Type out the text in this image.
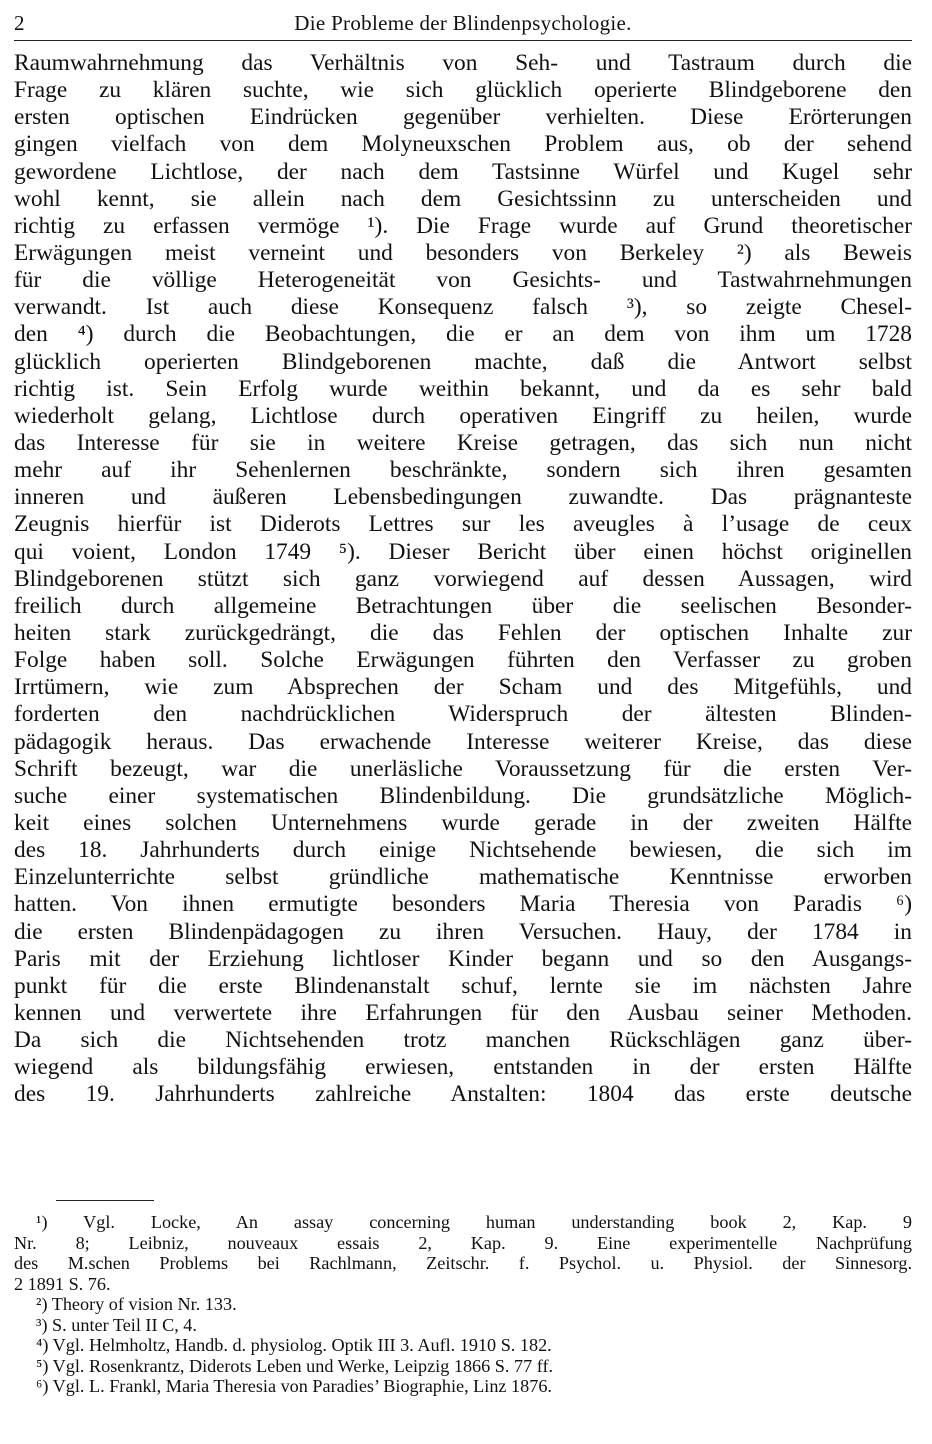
2	Die Probleme der Blindenpsychologie.
Raumwahrnehmung das Verhältnis von Seh- und Tastraum durch die
Frage zu klären suchte, wie sich glücklich operierte Blindgeborene den
ersten optischen Eindrücken gegenüber verhielten. Diese Erörterungen
gingen vielfach von dem Molyneuxschen Problem aus, ob der sehend
gewordene Lichtlose, der nach dem Tastsinne Würfel und Kugel sehr
wohl kennt, sie allein nach dem Gesichtssinn zu unterscheiden und
richtig zu erfassen vermöge ¹). Die Frage wurde auf Grund theoretischer
Erwägungen meist verneint und besonders von Berkeley ²) als Beweis
für die völlige Heterogeneität von Gesichts- und Tastwahrnehmungen
verwandt. Ist auch diese Konsequenz falsch ³), so zeigte Chesel-
den ⁴) durch die Beobachtungen, die er an dem von ihm um 1728
glücklich operierten Blindgeborenen machte, daß die Antwort selbst
richtig ist. Sein Erfolg wurde weithin bekannt, und da es sehr bald
wiederholt gelang, Lichtlose durch operativen Eingriff zu heilen, wurde
das Interesse für sie in weitere Kreise getragen, das sich nun nicht
mehr auf ihr Sehenlernen beschränkte, sondern sich ihren gesamten
inneren und äußeren Lebensbedingungen zuwandte. Das prägnanteste
Zeugnis hierfür ist Diderots Lettres sur les aveugles à l’usage de ceux
qui voient, London 1749 ⁵). Dieser Bericht über einen höchst originellen
Blindgeborenen stützt sich ganz vorwiegend auf dessen Aussagen, wird
freilich durch allgemeine Betrachtungen über die seelischen Besonder-
heiten stark zurückgedrängt, die das Fehlen der optischen Inhalte zur
Folge haben soll. Solche Erwägungen führten den Verfasser zu groben
Irrtümern, wie zum Absprechen der Scham und des Mitgefühls, und
forderten den nachdrücklichen Widerspruch der ältesten Blinden-
pädagogik heraus. Das erwachende Interesse weiterer Kreise, das diese
Schrift bezeugt, war die unerläsliche Voraussetzung für die ersten Ver-
suche einer systematischen Blindenbildung. Die grundsätzliche Möglich-
keit eines solchen Unternehmens wurde gerade in der zweiten Hälfte
des 18. Jahrhunderts durch einige Nichtsehende bewiesen, die sich im
Einzelunterrichte selbst gründliche mathematische Kenntnisse erworben
hatten. Von ihnen ermutigte besonders Maria Theresia von Paradis ⁶)
die ersten Blindenpädagogen zu ihren Versuchen. Hauy, der 1784 in
Paris mit der Erziehung lichtloser Kinder begann und so den Ausgangs-
punkt für die erste Blindenanstalt schuf, lernte sie im nächsten Jahre
kennen und verwertete ihre Erfahrungen für den Ausbau seiner Methoden.
Da sich die Nichtsehenden trotz manchen Rückschlägen ganz über-
wiegend als bildungsfähig erwiesen, entstanden in der ersten Hälfte
des 19. Jahrhunderts zahlreiche Anstalten: 1804 das erste deutsche
¹) Vgl. Locke, An assay concerning human understanding book 2, Kap. 9
Nr. 8; Leibniz, nouveaux essais 2, Kap. 9. Eine experimentelle Nachprüfung
des M.schen Problems bei Rachlmann, Zeitschr. f. Psychol. u. Physiol. der Sinnesorg.
2 1891 S. 76.
²) Theory of vision Nr. 133.
³) S. unter Teil II C, 4.
⁴) Vgl. Helmholtz, Handb. d. physiolog. Optik III 3. Aufl. 1910 S. 182.
⁵) Vgl. Rosenkrantz, Diderots Leben und Werke, Leipzig 1866 S. 77 ff.
⁶) Vgl. L. Frankl, Maria Theresia von Paradies’ Biographie, Linz 1876.
